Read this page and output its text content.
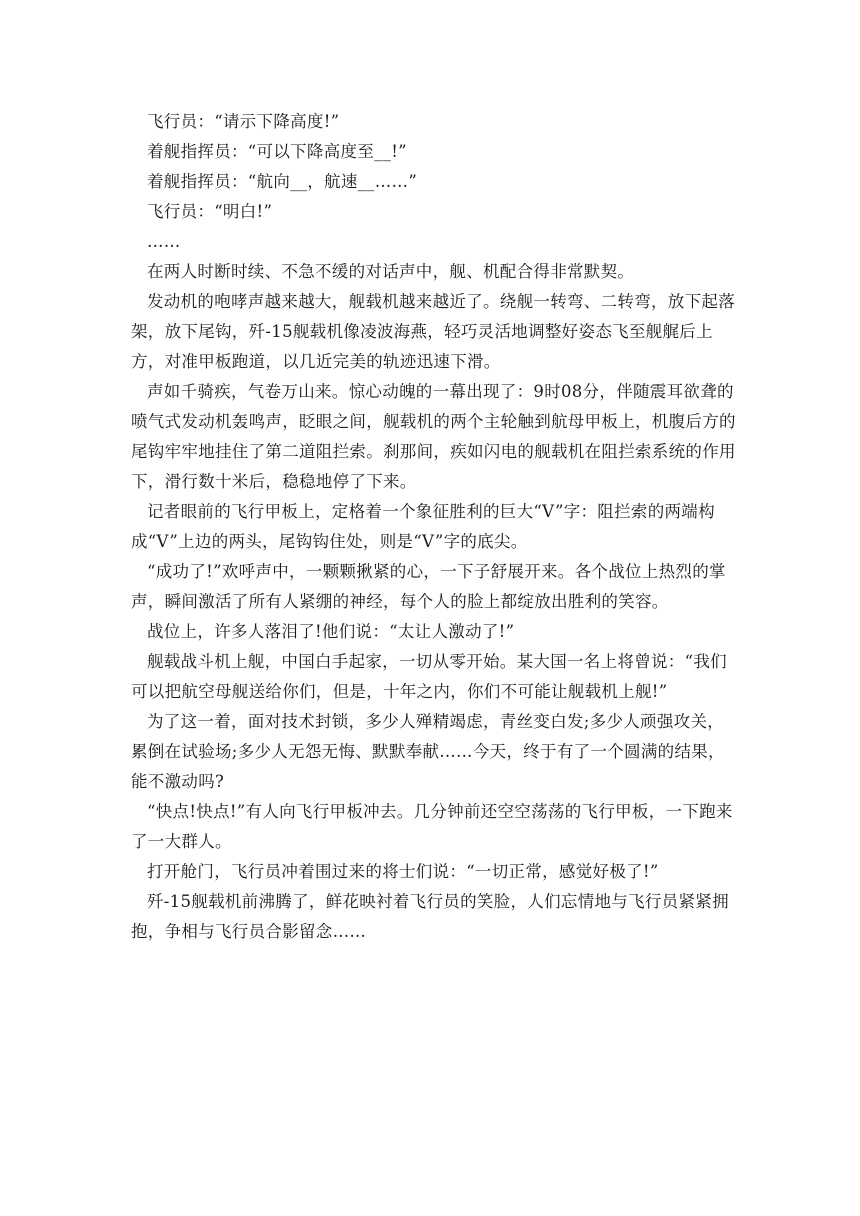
飞行员：“请示下降高度!”

着舰指挥员：“可以下降高度至__!”

着舰指挥员：“航向__，航速__……”

飞行员：“明白!”

……

在两人时断时续、不急不缓的对话声中，舰、机配合得非常默契。

发动机的咆哮声越来越大，舰载机越来越近了。绕舰一转弯、二转弯，放下起落架，放下尾钩，歼-15舰载机像凌波海燕，轻巧灵活地调整好姿态飞至舰艉后上方，对准甲板跑道，以几近完美的轨迹迅速下滑。

声如千骑疾，气卷万山来。惊心动魄的一幕出现了：9时08分，伴随震耳欲聋的喷气式发动机轰鸣声，眨眼之间，舰载机的两个主轮触到航母甲板上，机腹后方的尾钩牢牢地挂住了第二道阻拦索。刹那间，疾如闪电的舰载机在阻拦索系统的作用下，滑行数十米后，稳稳地停了下来。

记者眼前的飞行甲板上，定格着一个象征胜利的巨大“V”字：阻拦索的两端构成“V”上边的两头，尾钩钩住处，则是“V”字的底尖。

“成功了!”欢呼声中，一颗颗揪紧的心，一下子舒展开来。各个战位上热烈的掌声，瞬间激活了所有人紧绷的神经，每个人的脸上都绽放出胜利的笑容。

战位上，许多人落泪了!他们说：“太让人激动了!”

舰载战斗机上舰，中国白手起家，一切从零开始。某大国一名上将曾说：“我们可以把航空母舰送给你们，但是，十年之内，你们不可能让舰载机上舰!”

为了这一着，面对技术封锁，多少人殚精竭虑，青丝变白发;多少人顽强攻关，累倒在试验场;多少人无怨无悔、默默奉献……今天，终于有了一个圆满的结果，能不激动吗?

“快点!快点!”有人向飞行甲板冲去。几分钟前还空空荡荡的飞行甲板，一下跑来了一大群人。

打开舱门，飞行员冲着围过来的将士们说：“一切正常，感觉好极了!”

歼-15舰载机前沸腾了，鲜花映衬着飞行员的笑脸，人们忘情地与飞行员紧紧拥抱，争相与飞行员合影留念……
